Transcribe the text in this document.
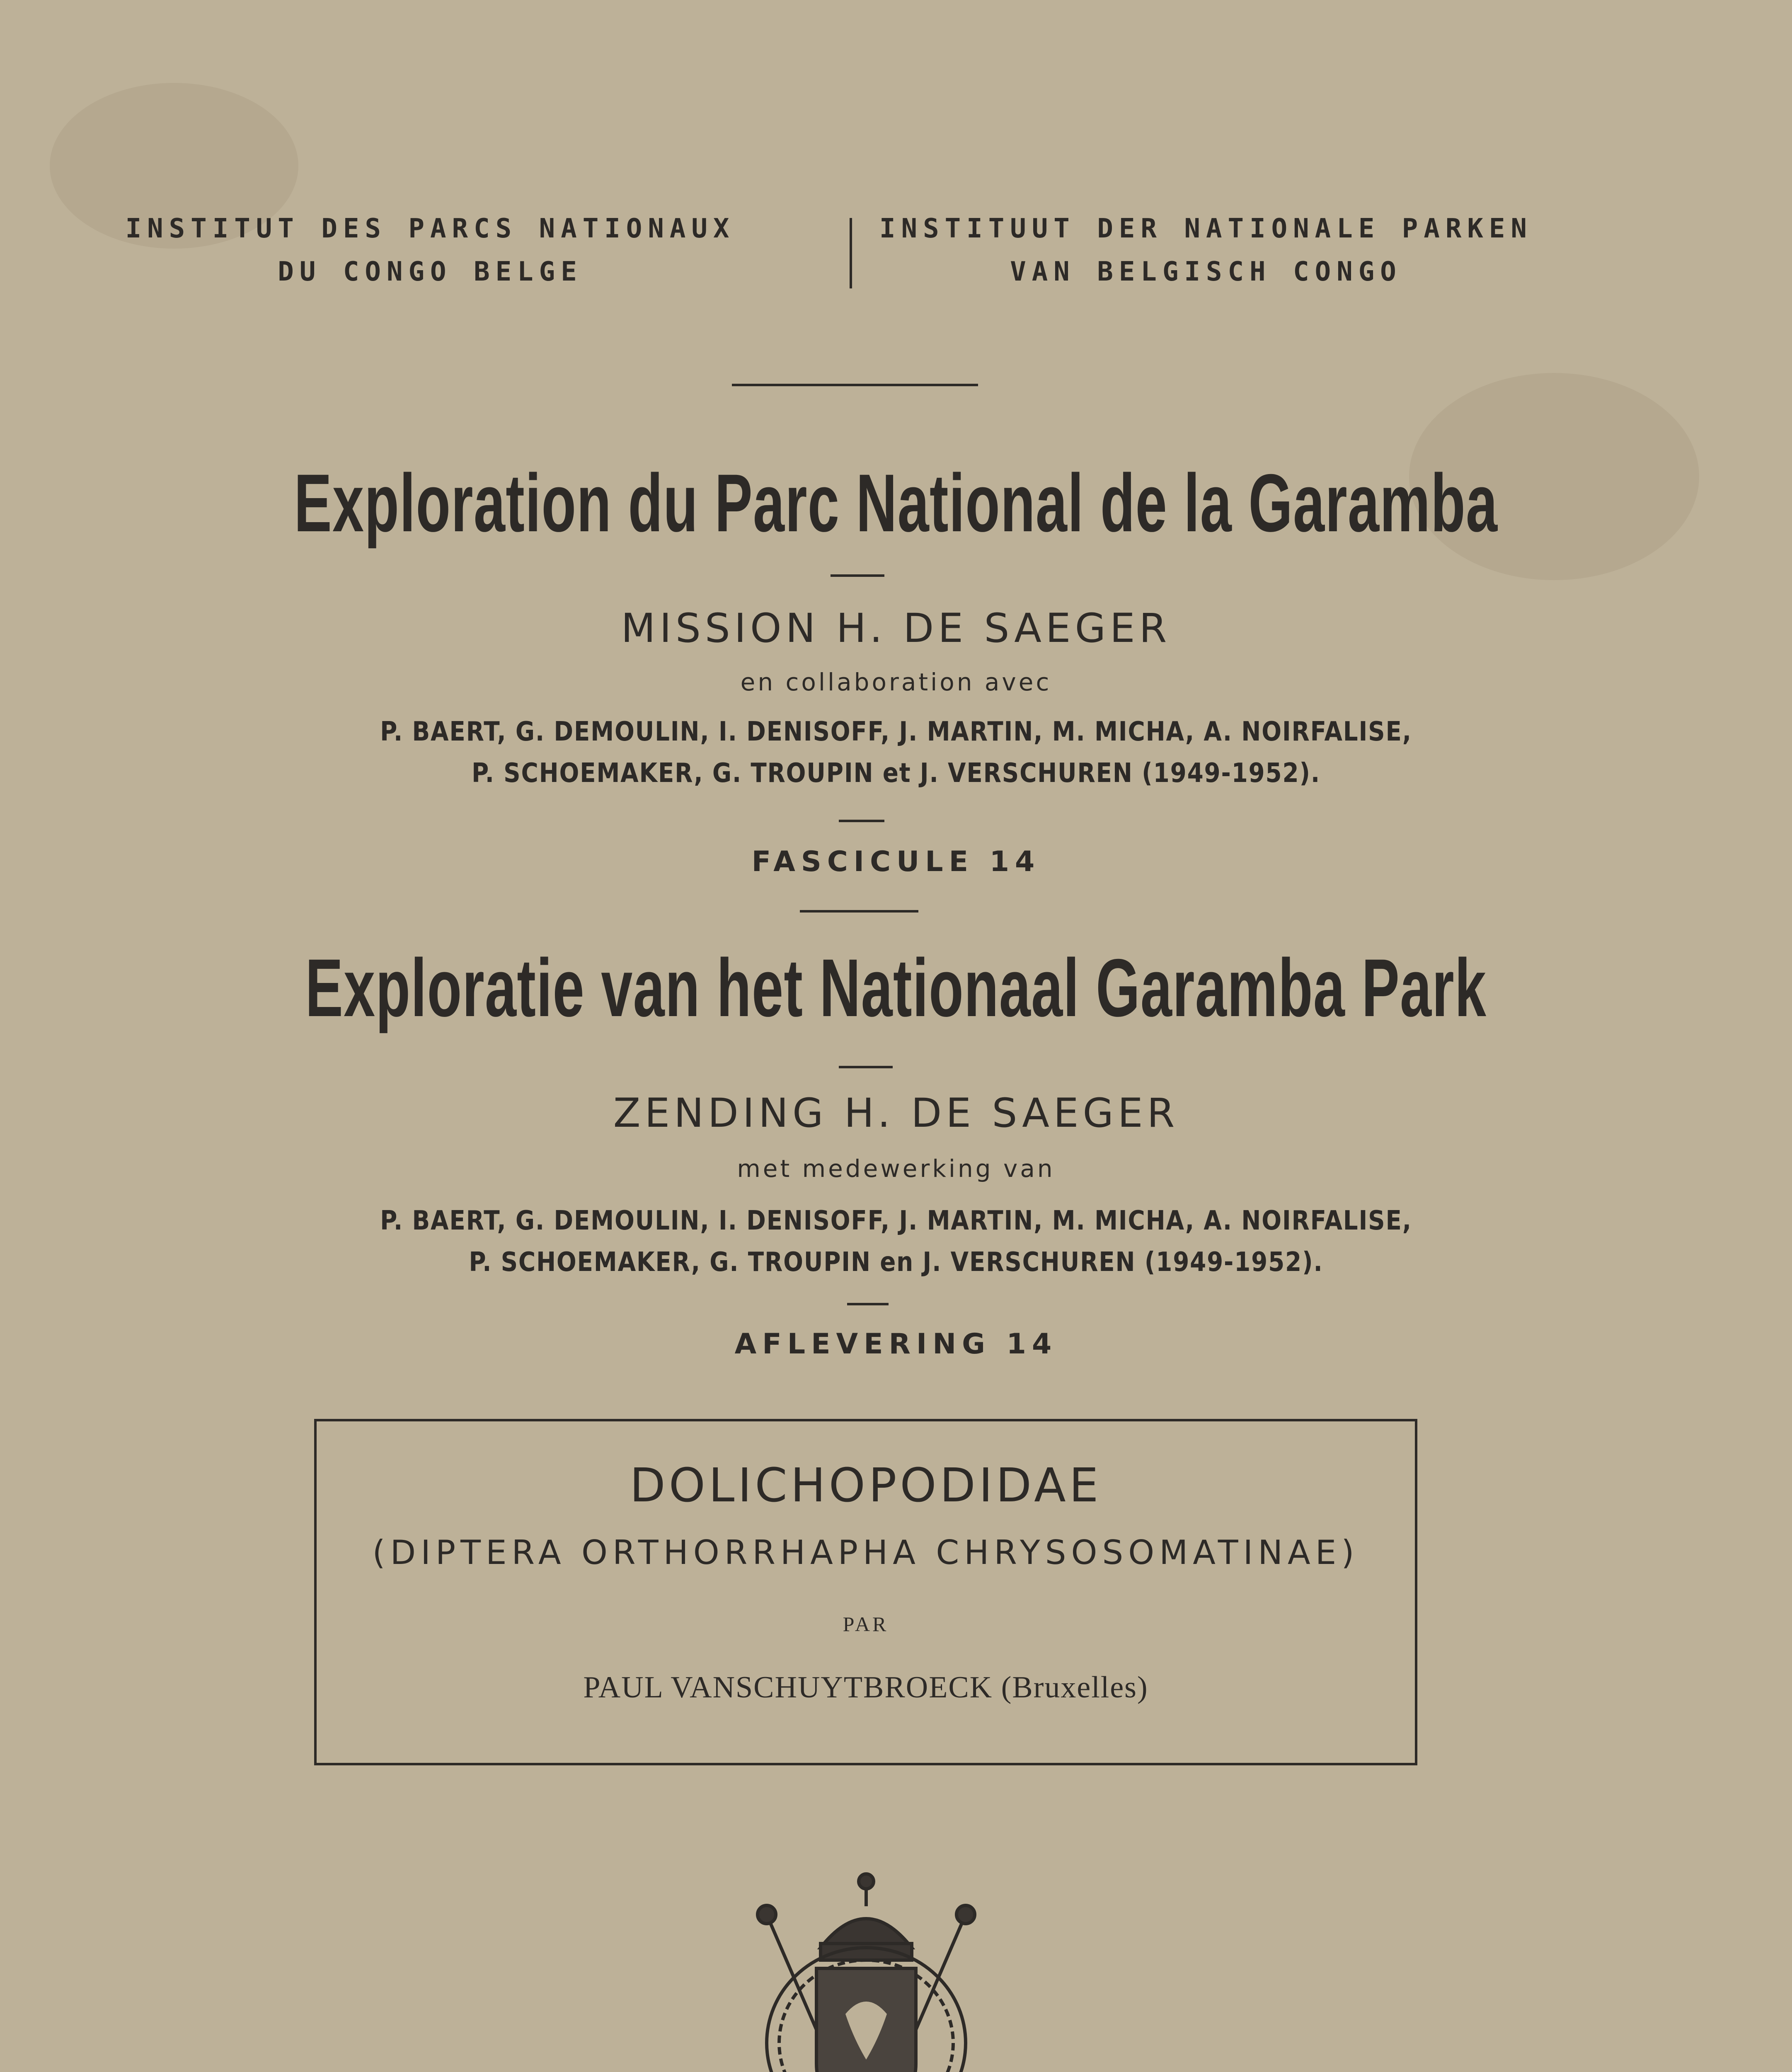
INSTITUT DES PARCS NATIONAUX
DU CONGO BELGE
INSTITUUT DER NATIONALE PARKEN
VAN BELGISCH CONGO
Exploration du Parc National de la Garamba
MISSION H. DE SAEGER
en collaboration avec
P. BAERT, G. DEMOULIN, I. DENISOFF, J. MARTIN, M. MICHA, A. NOIRFALISE,
P. SCHOEMAKER, G. TROUPIN et J. VERSCHUREN (1949-1952).
FASCICULE 14
Exploratie van het Nationaal Garamba Park
ZENDING H. DE SAEGER
met medewerking van
P. BAERT, G. DEMOULIN, I. DENISOFF, J. MARTIN, M. MICHA, A. NOIRFALISE,
P. SCHOEMAKER, G. TROUPIN en J. VERSCHUREN (1949-1952).
AFLEVERING 14
DOLICHOPODIDAE
(DIPTERA ORTHORRHAPHA CHRYSOSOMATINAE)
PAR
PAUL VANSCHUYTBROECK (Bruxelles)
